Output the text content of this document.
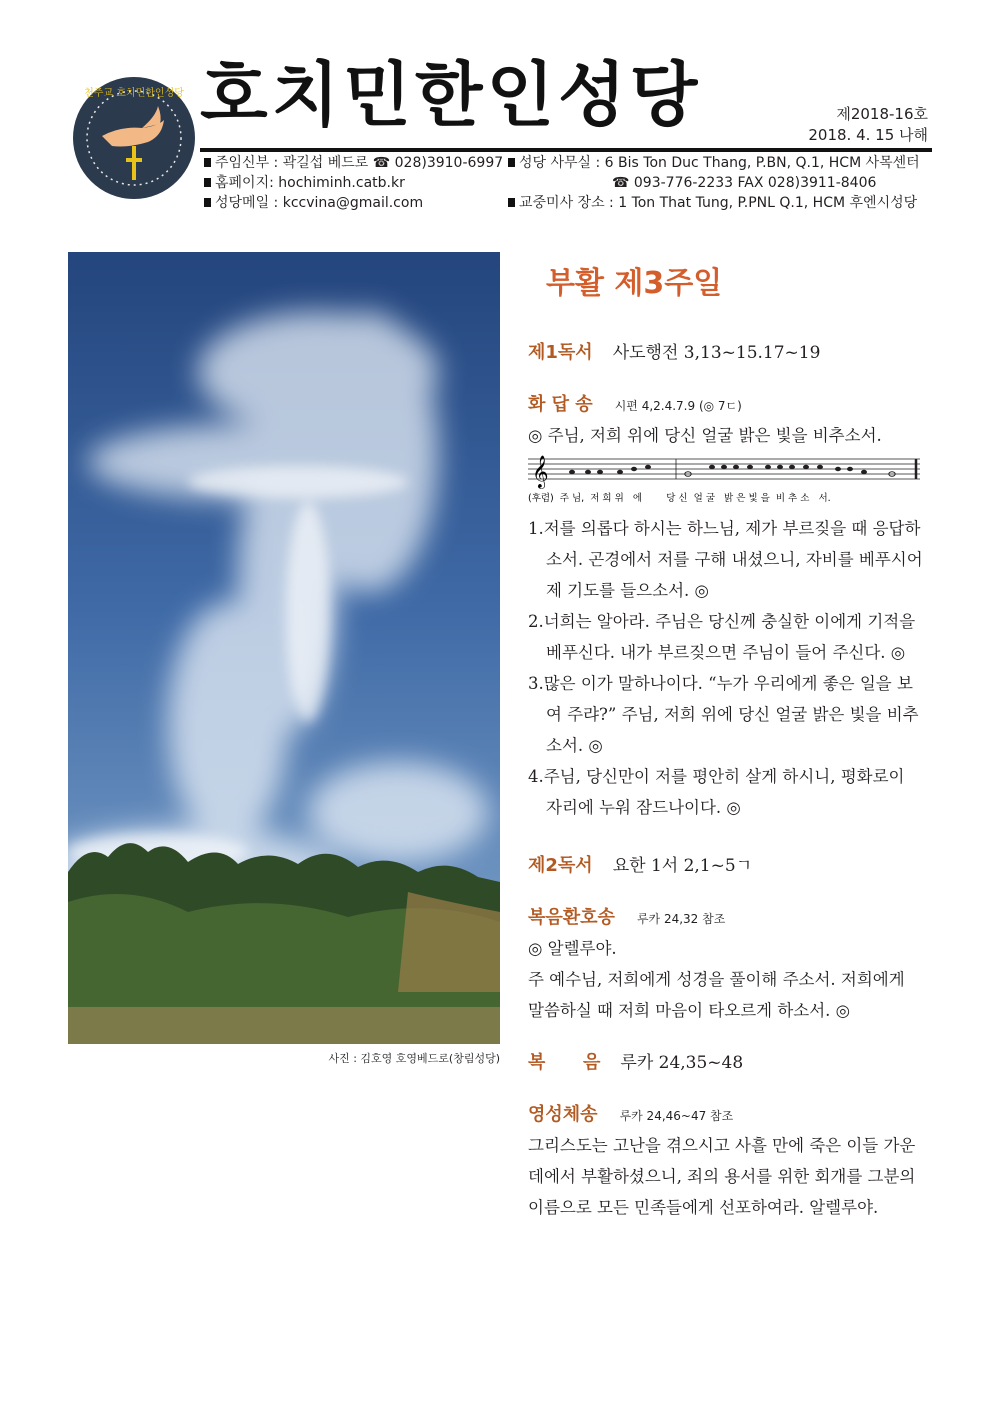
천주교 호치민한인성당 호치민한인성당	제2018-16호
2018. 4. 15 나해
주임신부 : 곽길섭 베드로 ☎ 028)3910-6997
홈페이지: hochiminh.catb.kr
성당메일 : kccvina@gmail.com
성당 사무실 : 6 Bis Ton Duc Thang, P.BN, Q.1, HCM 사목센터
☎ 093-776-2233 FAX 028)3911-8406
교중미사 장소 : 1 Ton That Tung, P.PNL Q.1, HCM 후엔시성당
사진 : 김호영 호영베드로(창림성당)
부활 제3주일
제1독서 사도행전 3,13~15.17~19
화 답 송 시편 4,2.4.7.9 (◎ 7ㄷ)
◎ 주님, 저희 위에 당신 얼굴 밝은 빛을 비추소서.
𝄞
(후렴)  주 님,  저 희 위   에        당 신  얼 굴   밝 은 빛 을  비 추 소   서.
1.저를 의롭다 하시는 하느님, 제가 부르짖을 때 응답하소서. 곤경에서 저를 구해 내셨으니, 자비를 베푸시어 제 기도를 들으소서. ◎
2.너희는 알아라. 주님은 당신께 충실한 이에게 기적을 베푸신다. 내가 부르짖으면 주님이 들어 주신다. ◎
3.많은 이가 말하나이다. “누가 우리에게 좋은 일을 보여 주랴?” 주님, 저희 위에 당신 얼굴 밝은 빛을 비추소서. ◎
4.주님, 당신만이 저를 평안히 살게 하시니, 평화로이 자리에 누워 잠드나이다. ◎
제2독서 요한 1서 2,1~5ㄱ
복음환호송 루카 24,32 참조
◎ 알렐루야.
주 예수님, 저희에게 성경을 풀이해 주소서. 저희에게 말씀하실 때 저희 마음이 타오르게 하소서. ◎
복      음 루카 24,35~48
영성체송 루카 24,46~47 참조
그리스도는 고난을 겪으시고 사흘 만에 죽은 이들 가운데에서 부활하셨으니, 죄의 용서를 위한 회개를 그분의 이름으로 모든 민족들에게 선포하여라. 알렐루야.
